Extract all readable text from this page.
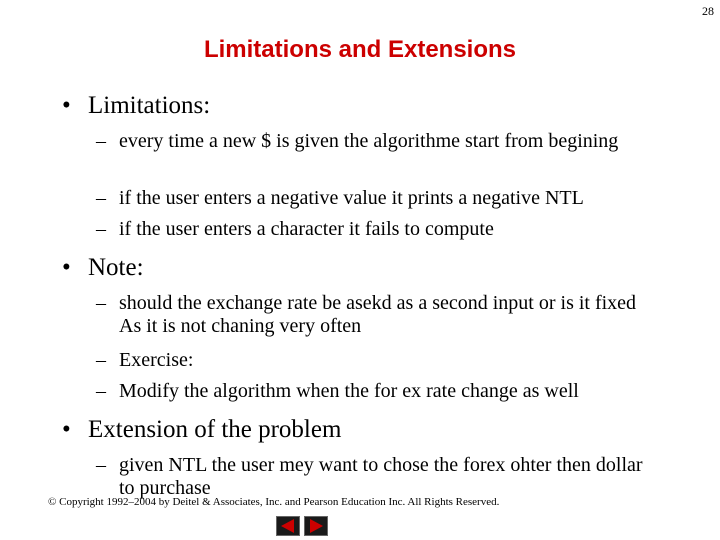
28
Limitations and Extensions
• Limitations:
– every time a new $ is given the algorithme start from begining
– if the user enters a negative value it prints a negative NTL
– if the user enters a character it fails to compute
• Note:
– should the exchange rate be asekd as a second input or is it fixed As it is not chaning very often
– Exercise:
– Modify the algorithm when the for ex rate change as well
• Extension of the problem
– given NTL the user mey want to chose the forex ohter then dollar to purchase
© Copyright 1992–2004 by Deitel & Associates, Inc. and Pearson Education Inc. All Rights Reserved.
